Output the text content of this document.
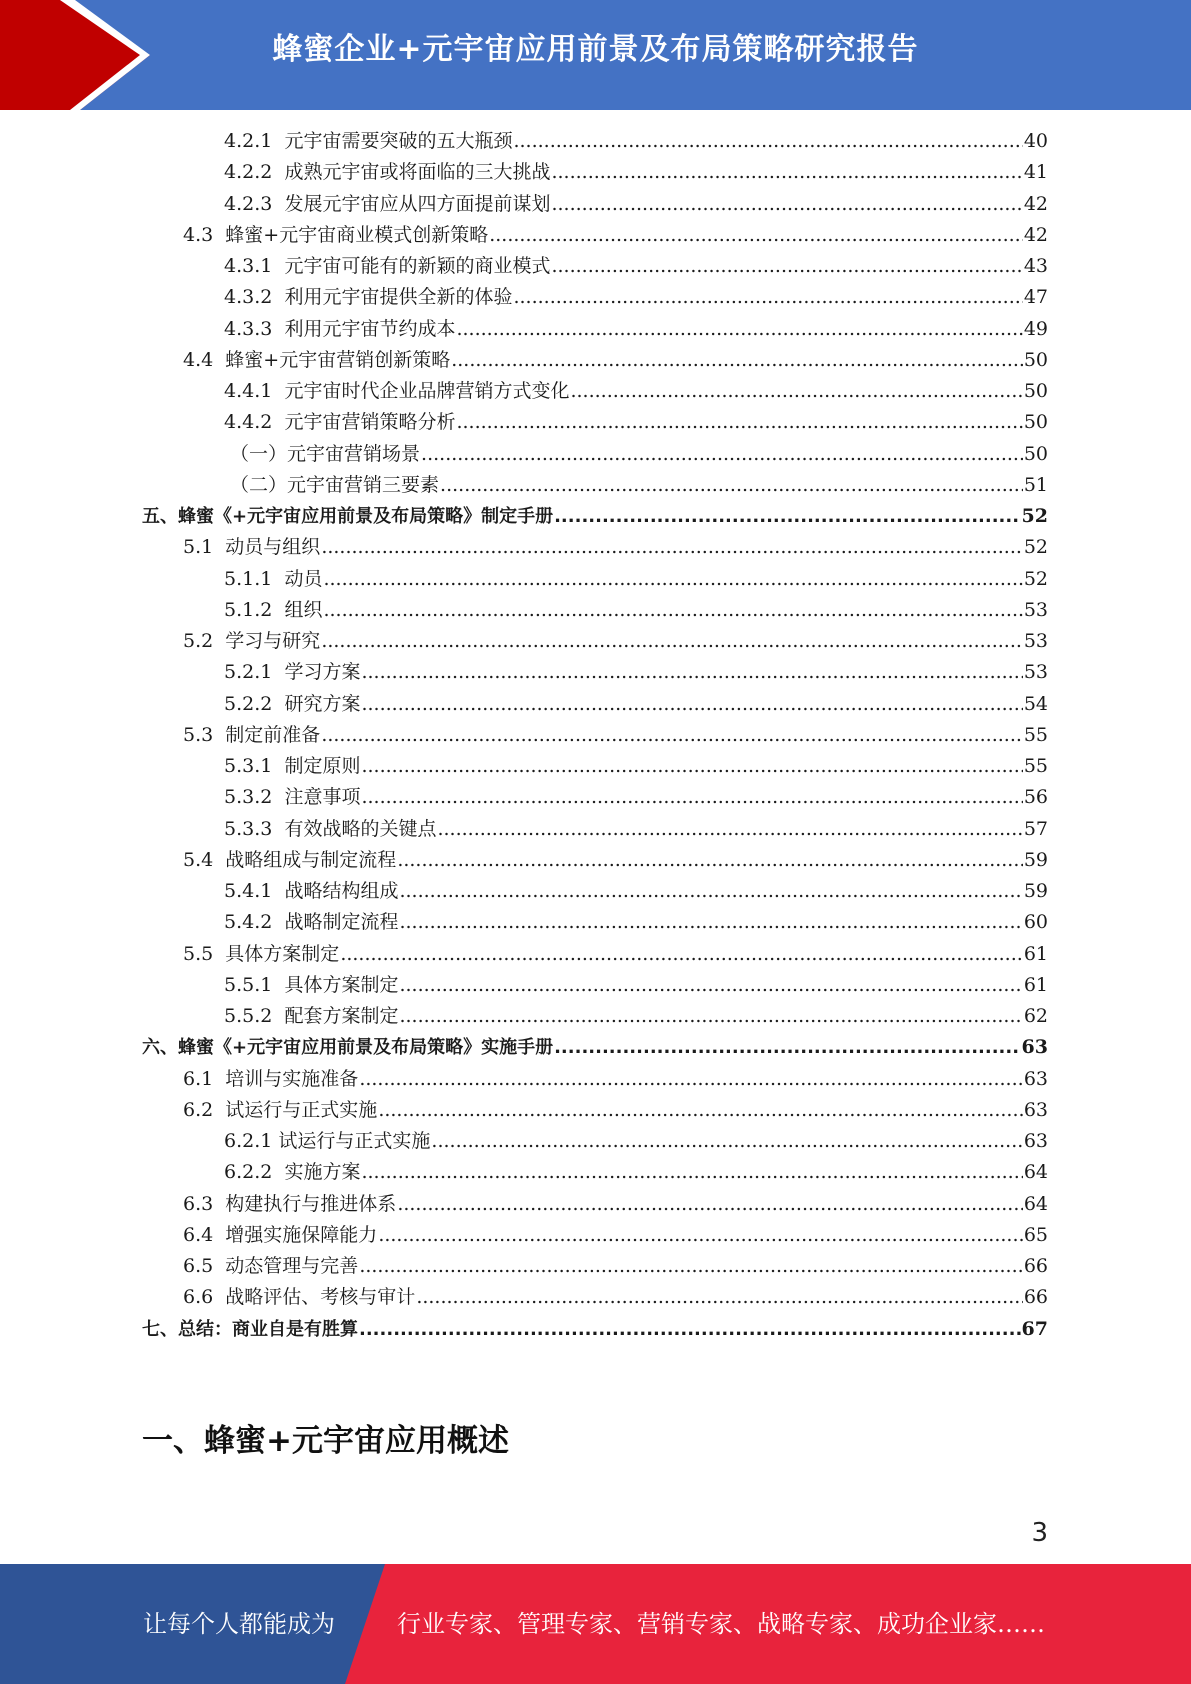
蜂蜜企业+元宇宙应用前景及布局策略研究报告
4.2.1 元宇宙需要突破的五大瓶颈 .....	40
4.2.2 成熟元宇宙或将面临的三大挑战 .....	41
4.2.3 发展元宇宙应从四方面提前谋划 .....	42
4.3 蜂蜜+元宇宙商业模式创新策略 .....	42
4.3.1 元宇宙可能有的新颖的商业模式 .....	43
4.3.2 利用元宇宙提供全新的体验 .....	47
4.3.3 利用元宇宙节约成本 .....	49
4.4 蜂蜜+元宇宙营销创新策略 .....	50
4.4.1 元宇宙时代企业品牌营销方式变化 .....	50
4.4.2 元宇宙营销策略分析 .....	50
（一） 元宇宙营销场景 .....	50
（二） 元宇宙营销三要素 .....	51
五、 蜂蜜《+元宇宙应用前景及布局策略》制定手册 .....	52
5.1 动员与组织 .....	52
5.1.1 动员 .....	52
5.1.2 组织 .....	53
5.2 学习与研究 .....	53
5.2.1 学习方案 .....	53
5.2.2 研究方案 .....	54
5.3 制定前准备 .....	55
5.3.1 制定原则 .....	55
5.3.2 注意事项 .....	56
5.3.3 有效战略的关键点 .....	57
5.4 战略组成与制定流程 .....	59
5.4.1 战略结构组成 .....	59
5.4.2 战略制定流程 .....	60
5.5 具体方案制定 .....	61
5.5.1 具体方案制定 .....	61
5.5.2 配套方案制定 .....	62
六、 蜂蜜《+元宇宙应用前景及布局策略》实施手册 .....	63
6.1 培训与实施准备 .....	63
6.2 试运行与正式实施 .....	63
6.2.1 试运行与正式实施 .....	63
6.2.2 实施方案 .....	64
6.3 构建执行与推进体系 .....	64
6.4 增强实施保障能力 .....	65
6.5 动态管理与完善 .....	66
6.6 战略评估、考核与审计 .....	66
七、 总结：商业自是有胜算 .....	67
一、蜂蜜+元宇宙应用概述
3
让每个人都能成为	行业专家、管理专家、营销专家、战略专家、成功企业家……
